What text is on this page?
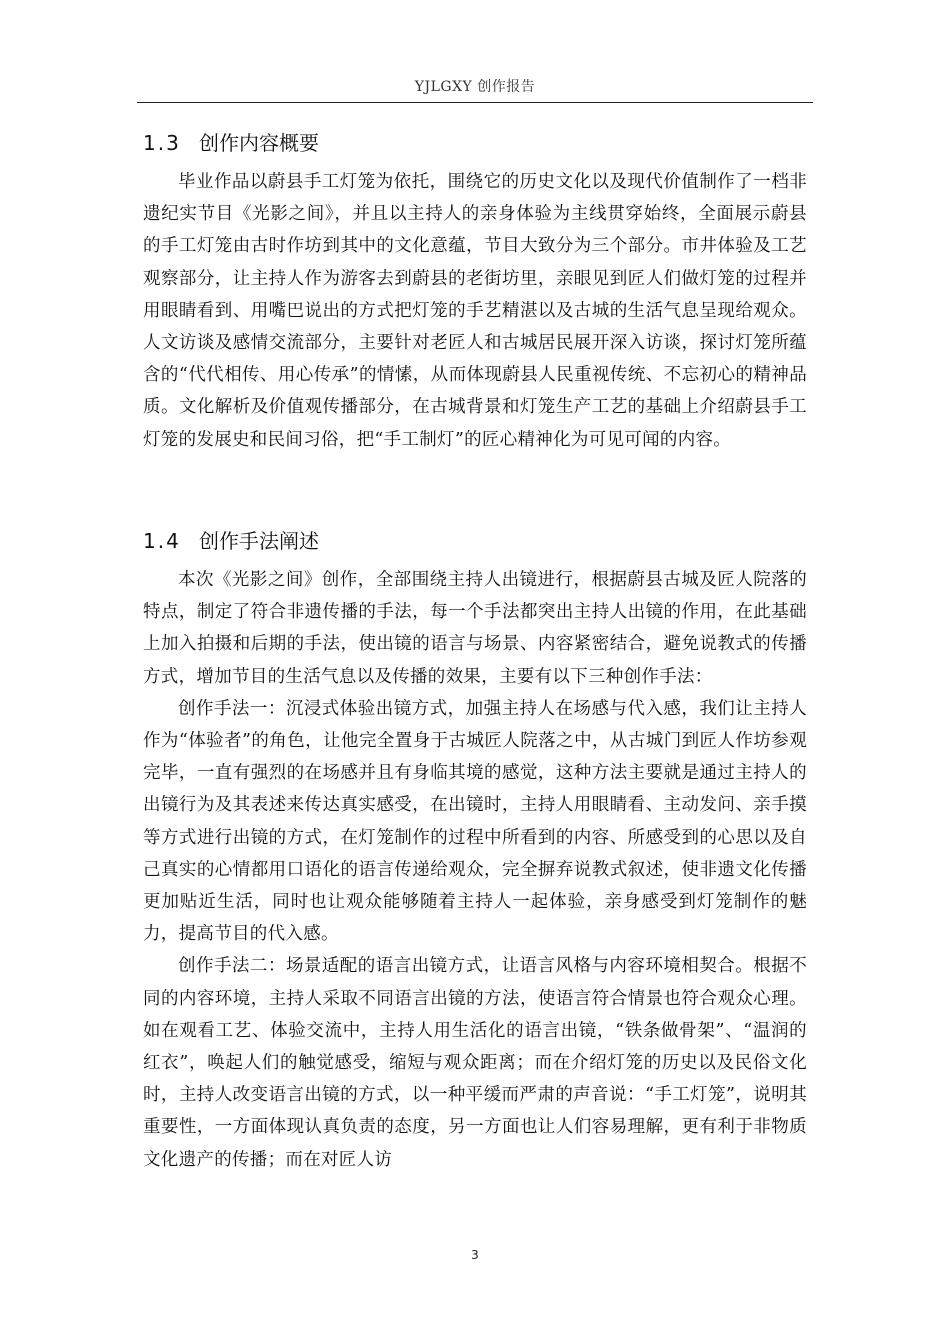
YJLGXY 创作报告
1.3 创作内容概要

毕业作品以蔚县手工灯笼为依托，围绕它的历史文化以及现代价值制作了一档非遗纪实节目《光影之间》，并且以主持人的亲身体验为主线贯穿始终，全面展示蔚县的手工灯笼由古时作坊到其中的文化意蕴，节目大致分为三个部分。市井体验及工艺观察部分，让主持人作为游客去到蔚县的老街坊里，亲眼见到匠人们做灯笼的过程并用眼睛看到、用嘴巴说出的方式把灯笼的手艺精湛以及古城的生活气息呈现给观众。人文访谈及感情交流部分，主要针对老匠人和古城居民展开深入访谈，探讨灯笼所蕴含的“代代相传、用心传承”的情愫，从而体现蔚县人民重视传统、不忘初心的精神品质。文化解析及价值观传播部分，在古城背景和灯笼生产工艺的基础上介绍蔚县手工灯笼的发展史和民间习俗，把“手工制灯”的匠心精神化为可见可闻的内容。

1.4 创作手法阐述

本次《光影之间》创作，全部围绕主持人出镜进行，根据蔚县古城及匠人院落的特点，制定了符合非遗传播的手法，每一个手法都突出主持人出镜的作用，在此基础上加入拍摄和后期的手法，使出镜的语言与场景、内容紧密结合，避免说教式的传播方式，增加节目的生活气息以及传播的效果，主要有以下三种创作手法：

创作手法一：沉浸式体验出镜方式，加强主持人在场感与代入感，我们让主持人作为“体验者”的角色，让他完全置身于古城匠人院落之中，从古城门到匠人作坊参观完毕，一直有强烈的在场感并且有身临其境的感觉，这种方法主要就是通过主持人的出镜行为及其表述来传达真实感受，在出镜时，主持人用眼睛看、主动发问、亲手摸等方式进行出镜的方式，在灯笼制作的过程中所看到的内容、所感受到的心思以及自己真实的心情都用口语化的语言传递给观众，完全摒弃说教式叙述，使非遗文化传播更加贴近生活，同时也让观众能够随着主持人一起体验，亲身感受到灯笼制作的魅力，提高节目的代入感。

创作手法二：场景适配的语言出镜方式，让语言风格与内容环境相契合。根据不同的内容环境，主持人采取不同语言出镜的方法，使语言符合情景也符合观众心理。如在观看工艺、体验交流中，主持人用生活化的语言出镜，“铁条做骨架”、“温润的红衣”，唤起人们的触觉感受，缩短与观众距离；而在介绍灯笼的历史以及民俗文化时，主持人改变语言出镜的方式，以一种平缓而严肃的声音说：“手工灯笼”，说明其重要性，一方面体现认真负责的态度，另一方面也让人们容易理解，更有利于非物质文化遗产的传播；而在对匠人访

3
